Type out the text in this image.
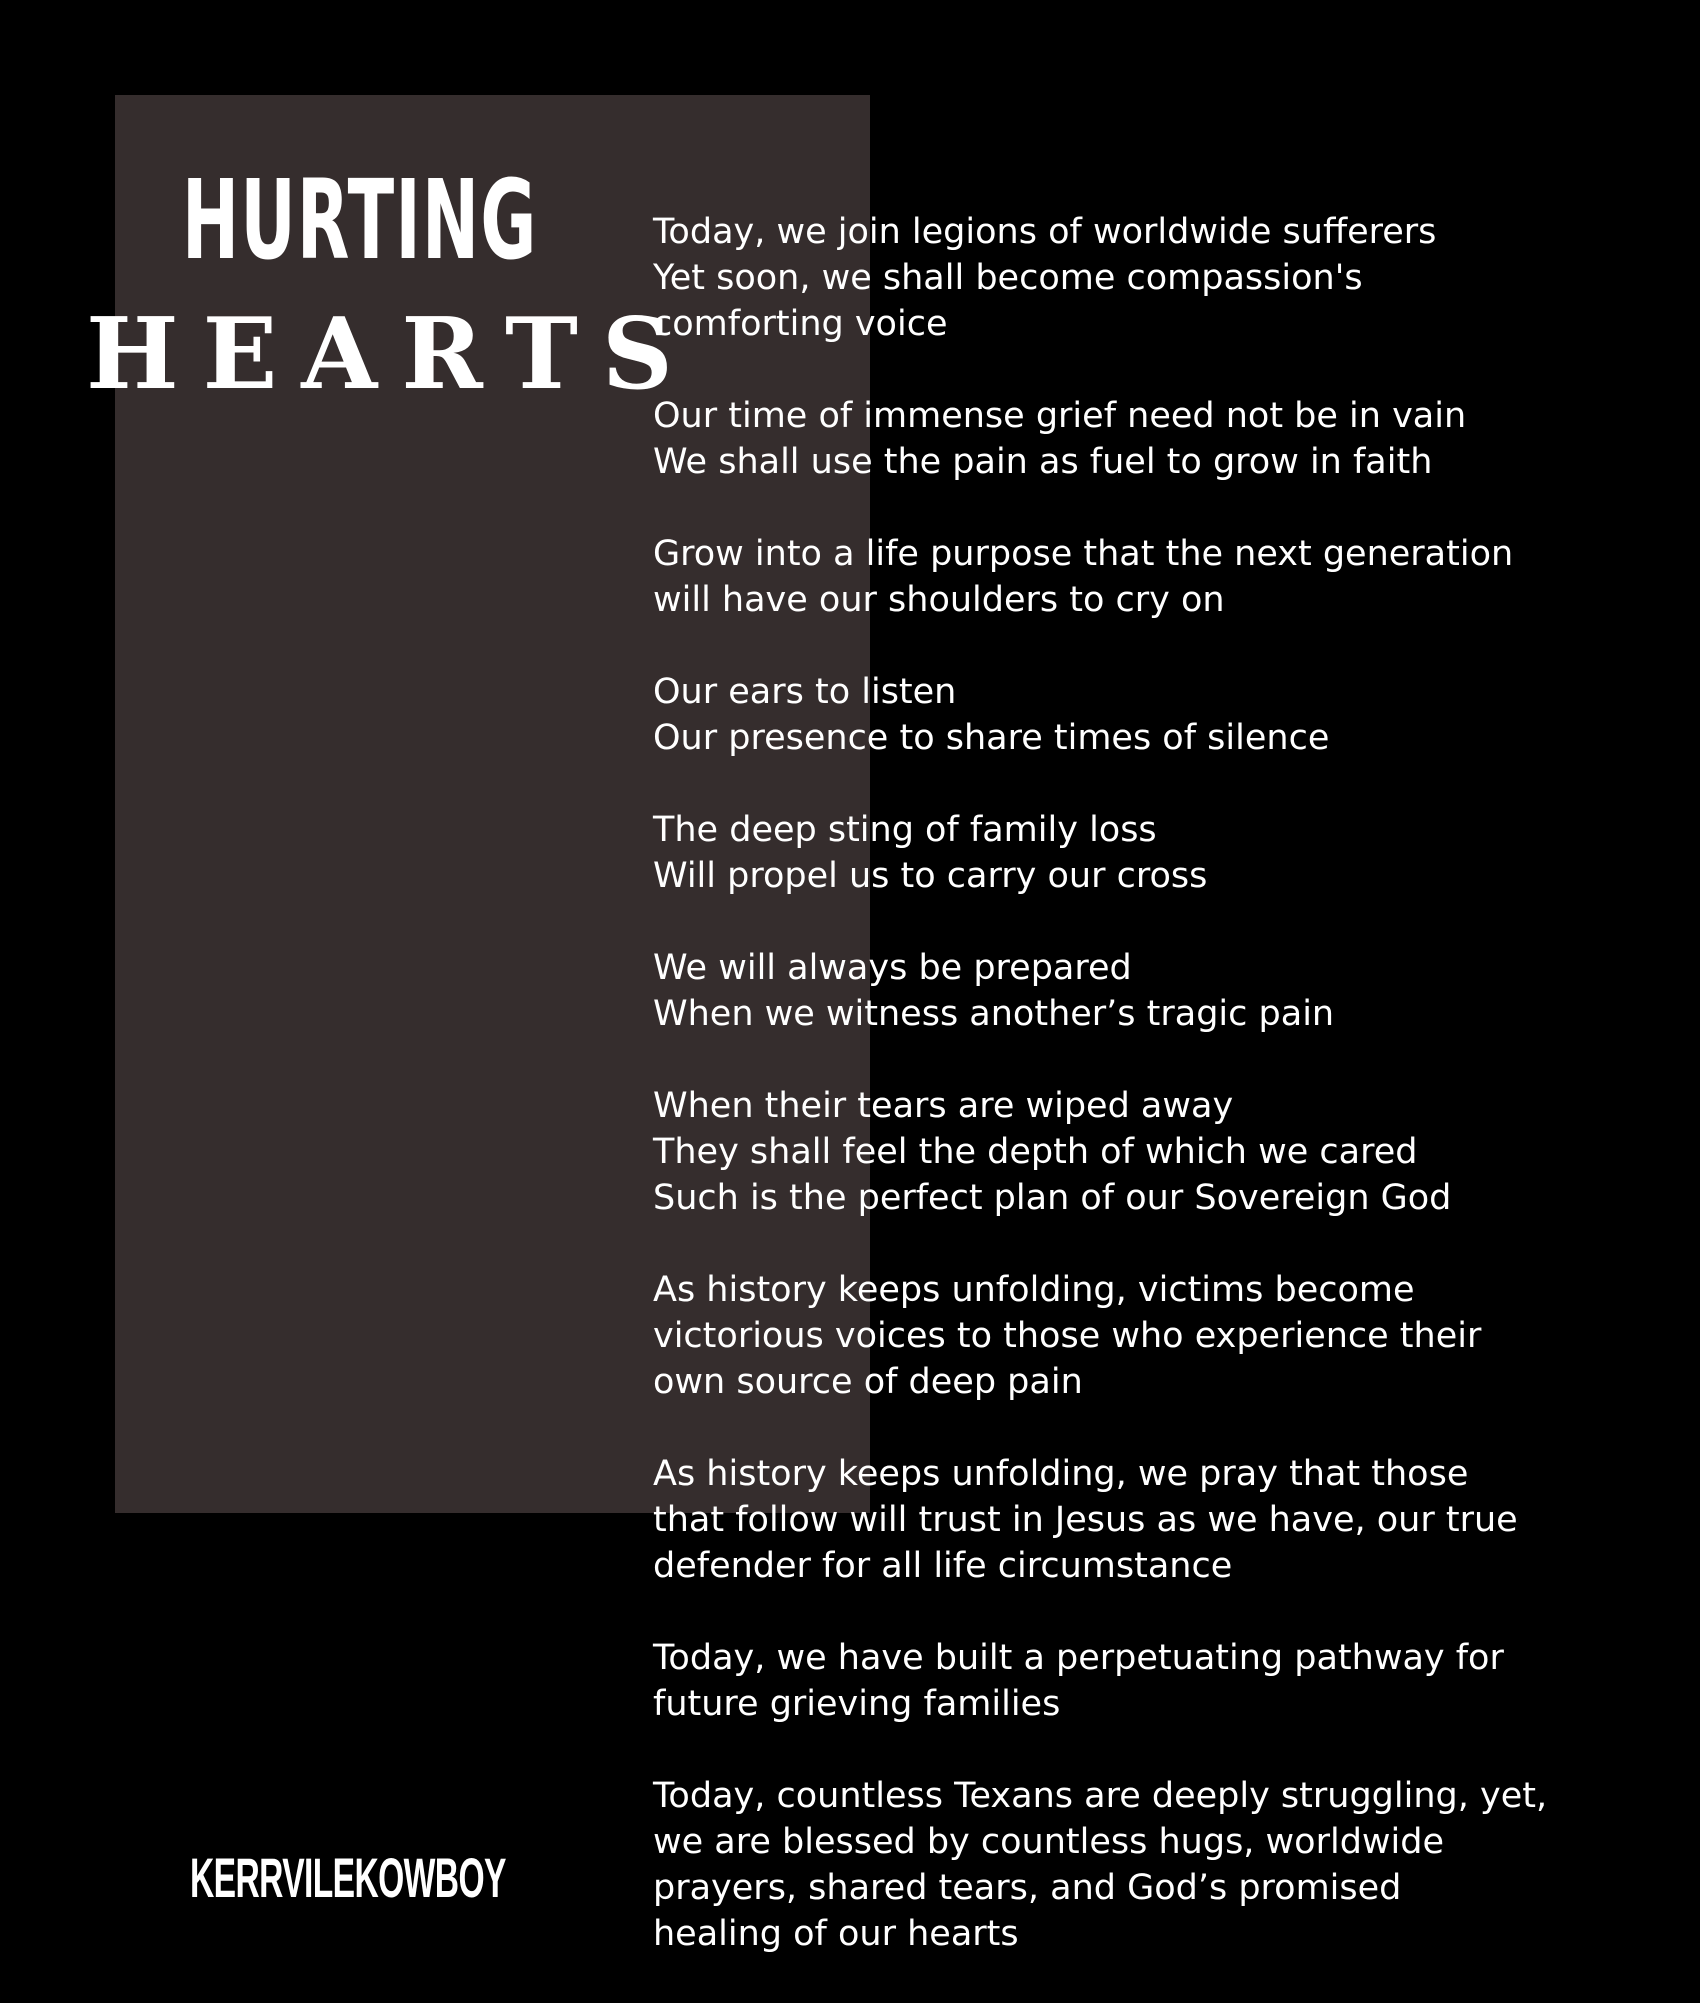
HURTING
HEARTS
Today, we join legions of worldwide sufferers
Yet soon, we shall become compassion's
comforting voice
Our time of immense grief need not be in vain
We shall use the pain as fuel to grow in faith
Grow into a life purpose that the next generation
will have our shoulders to cry on
Our ears to listen
Our presence to share times of silence
The deep sting of family loss
Will propel us to carry our cross
We will always be prepared
When we witness another’s tragic pain
When their tears are wiped away
They shall feel the depth of which we cared
Such is the perfect plan of our Sovereign God
As history keeps unfolding, victims become
victorious voices to those who experience their
own source of deep pain
As history keeps unfolding, we pray that those
that follow will trust in Jesus as we have, our true
defender for all life circumstance
Today, we have built a perpetuating pathway for
future grieving families
Today, countless Texans are deeply struggling, yet,
we are blessed by countless hugs, worldwide
prayers, shared tears, and God’s promised
healing of our hearts
KERRVILEKOWBOY
